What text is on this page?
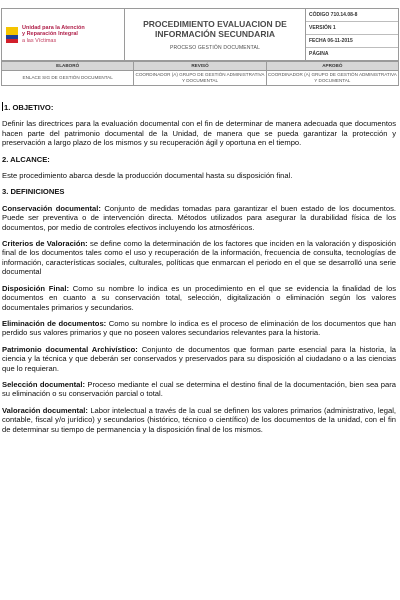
Unidad para la Atención
y Reparación Integral
a las Víctimas

PROCEDIMIENTO EVALUACION DE INFORMACIÓN SECUNDARIA
PROCESO GESTIÓN DOCUMENTAL

CÓDIGO 710.14.08-8
VERSIÓN 1
FECHA 06-11-2015
PÁGINA
ELABORÓ	REVISÓ	APROBÓ
ENLACE SIG DE GESTIÓN DOCUMENTAL	COORDINADOR (A) GRUPO DE GESTIÓN ADMINISTRATIVA Y DOCUMENTAL	COORDINADOR (A) GRUPO DE GESTIÓN ADMINISTRATIVA Y DOCUMENTAL
1. OBJETIVO:

Definir las directrices para la evaluación documental con el fin de determinar de manera adecuada que documentos hacen parte del patrimonio documental de la Unidad, de manera que se pueda garantizar la protección y preservación a largo plazo de los mismos y su recuperación ágil y oportuna en el tiempo.

2. ALCANCE:

Este procedimiento abarca desde la producción documental hasta su disposición final.

3. DEFINICIONES

Conservación documental: Conjunto de medidas tomadas para garantizar el buen estado de los documentos. Puede ser preventiva o de intervención directa. Métodos utilizados para asegurar la durabilidad física de los documentos, por medio de controles efectivos incluyendo los atmosféricos.

Criterios de Valoración: se define como la determinación de los factores que inciden en la valoración y disposición final de los documentos tales como el uso y recuperación de la información, frecuencia de consulta, tecnologías de información, características sociales, culturales, políticas que enmarcan el periodo en el que se desarrolló una serie documental

Disposición Final: Como su nombre lo indica es un procedimiento en el que se evidencia la finalidad de los documentos en cuanto a su conservación total, selección, digitalización o eliminación según los valores documentales primarios y secundarios.

Eliminación de documentos: Como su nombre lo indica es el proceso de eliminación de los documentos que han perdido sus valores primarios y que no poseen valores secundarios relevantes para la historia.

Patrimonio documental Archivístico: Conjunto de documentos que forman parte esencial para la historia, la ciencia y la técnica y que deberán ser conservados y preservados para su disposición al ciudadano o a las ciencias que lo requieran.

Selección documental: Proceso mediante el cual se determina el destino final de la documentación, bien sea para su eliminación o su conservación parcial o total.

Valoración documental: Labor intelectual a través de la cual se definen los valores primarios (administrativo, legal, contable, fiscal y/o jurídico) y secundarios (histórico, técnico o científico) de los documentos de la unidad, con el fin de determinar su tiempo de permanencia y la disposición final de los mismos.
